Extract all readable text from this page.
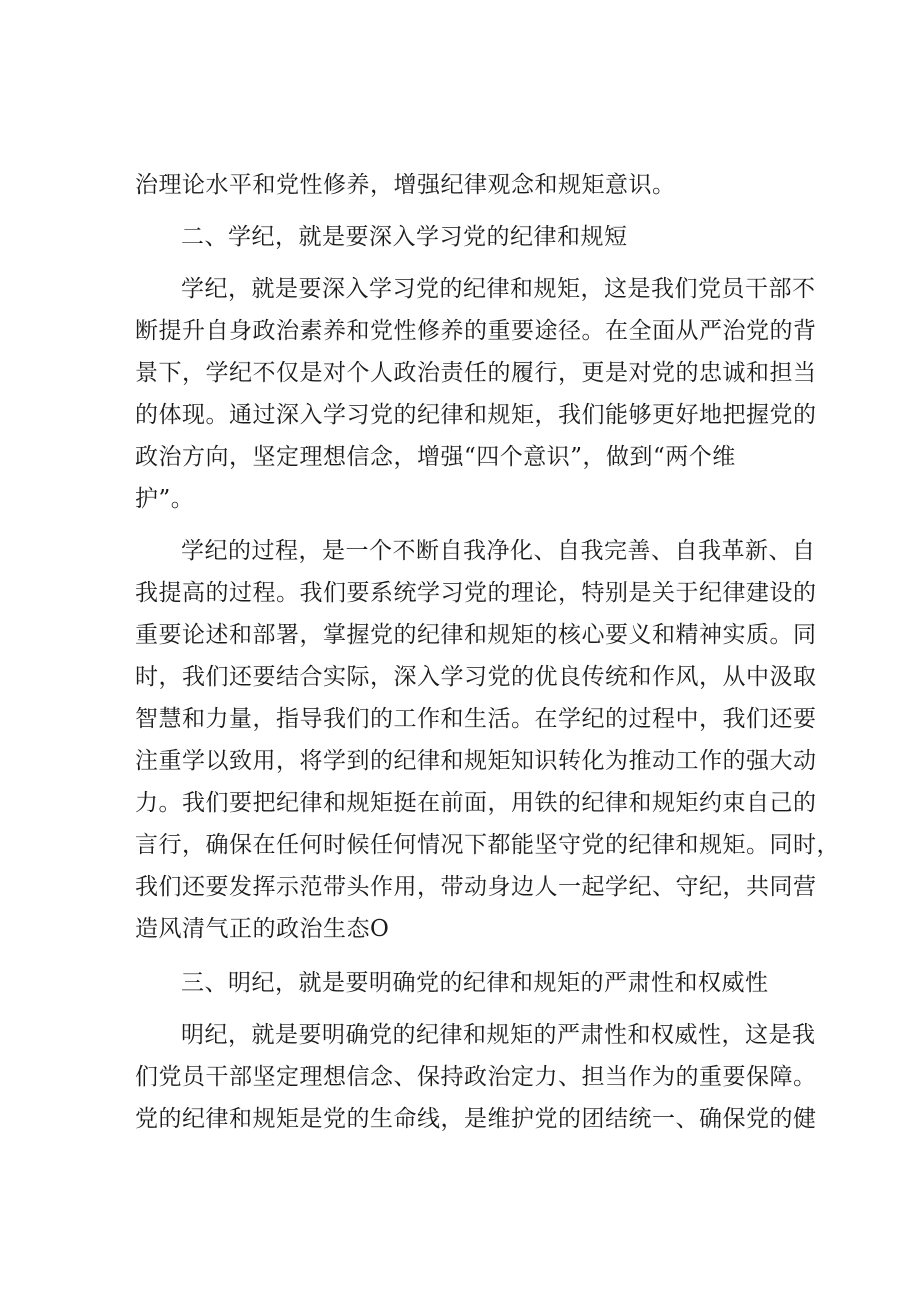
治理论水平和党性修养，增强纪律观念和规矩意识。
二、学纪，就是要深入学习党的纪律和规短
学纪，就是要深入学习党的纪律和规矩，这是我们党员干部不
断提升自身政治素养和党性修养的重要途径。在全面从严治党的背
景下，学纪不仅是对个人政治责任的履行，更是对党的忠诚和担当
的体现。通过深入学习党的纪律和规矩，我们能够更好地把握党的
政治方向，坚定理想信念，增强“四个意识”，做到“两个维
护”。
学纪的过程，是一个不断自我净化、自我完善、自我革新、自
我提高的过程。我们要系统学习党的理论，特别是关于纪律建设的
重要论述和部署，掌握党的纪律和规矩的核心要义和精神实质。同
时，我们还要结合实际，深入学习党的优良传统和作风，从中汲取
智慧和力量，指导我们的工作和生活。在学纪的过程中，我们还要
注重学以致用，将学到的纪律和规矩知识转化为推动工作的强大动
力。我们要把纪律和规矩挺在前面，用铁的纪律和规矩约束自己的
言行，确保在任何时候任何情况下都能坚守党的纪律和规矩。同时，
我们还要发挥示范带头作用，带动身边人一起学纪、守纪，共同营
造风清气正的政治生态O
三、明纪，就是要明确党的纪律和规矩的严肃性和权威性
明纪，就是要明确党的纪律和规矩的严肃性和权威性，这是我
们党员干部坚定理想信念、保持政治定力、担当作为的重要保障。
党的纪律和规矩是党的生命线，是维护党的团结统一、确保党的健
